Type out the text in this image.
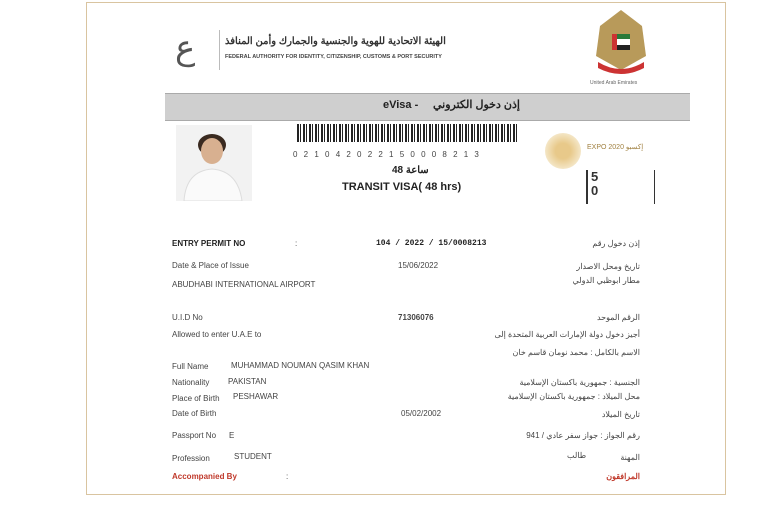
ﻉ	الهيئة الاتحادية للهوية والجنسية والجمارك وأمن المنافذ
FEDERAL AUTHORITY FOR IDENTITY, CITIZENSHIP, CUSTOMS & PORT SECURITY
United Arab Emirates
eVisa - إذن دخول الكتروني
0 2 1 0 4 2 0 2 2 1 5 0 0 0 8 2 1 3
48 ساعة
TRANSIT VISA( 48 hrs)
EXPO 2020 إكسبو
50
ENTRY PERMIT NO	:	104 / 2022 / 15/0008213	إذن دخول رقم
Date & Place of Issue	15/06/2022	تاريخ ومحل الاصدار
ABUDHABI INTERNATIONAL AIRPORT	مطار ابوظبي الدولي
U.I.D No	71306076	الرقم الموحد
Allowed to enter U.A.E to	أجيز دخول دولة الإمارات العربية المتحدة إلى
الاسم بالكامل : محمد نومان قاسم خان
Full Name	MUHAMMAD NOUMAN QASIM KHAN
Nationality PAKISTAN	الجنسية : جمهورية باكستان الإسلامية
Place of Birth PESHAWAR	محل الميلاد : جمهورية باكستان الإسلامية
Date of Birth	05/02/2002	تاريخ الميلاد
Passport No E	رقم الجواز : جواز سفر عادي / 941
Profession	STUDENT	طالب	المهنة
Accompanied By	:	المرافقون
